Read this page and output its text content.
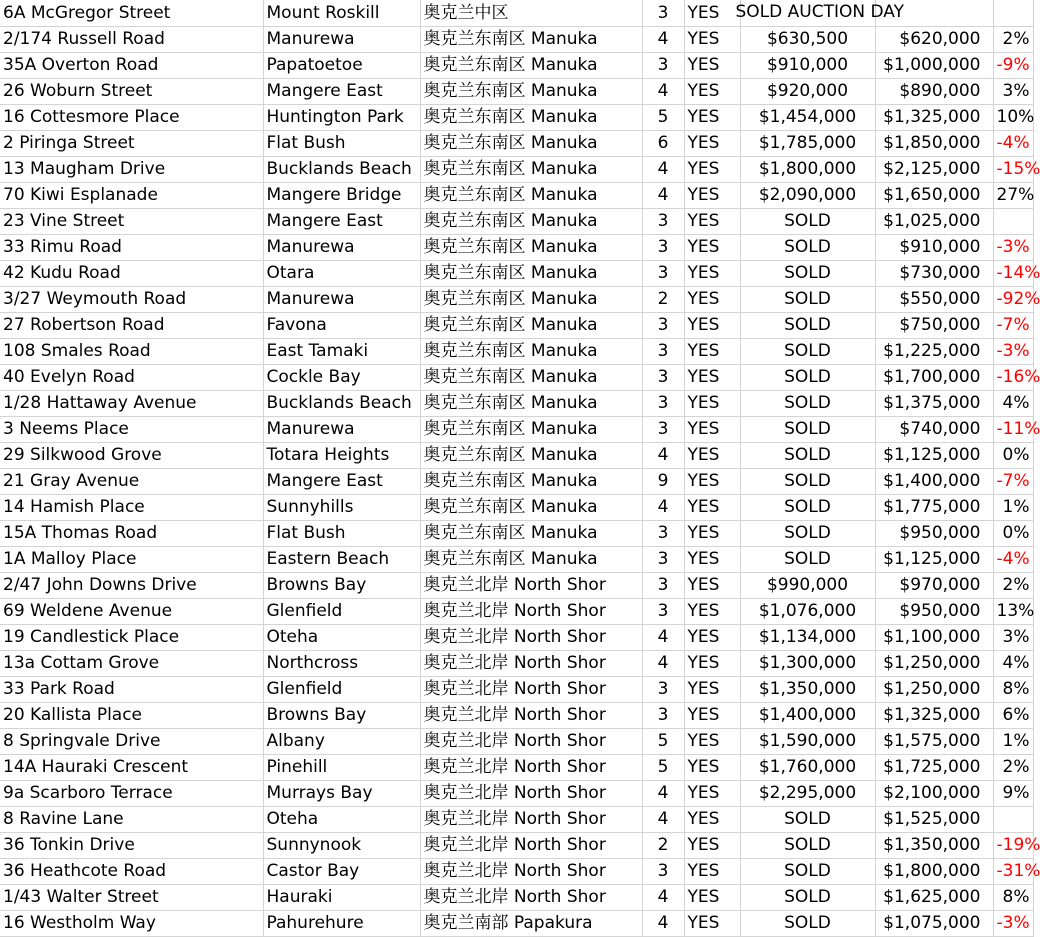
6A McGregor Street	Mount Roskill	奥克兰中区	3	YES	SOLD AUCTION DAY		

2/174 Russell Road	Manurewa	奥克兰东南区 Manuka	4	YES	$630,500	$620,000	2%
35A Overton Road	Papatoetoe	奥克兰东南区 Manuka	3	YES	$910,000	$1,000,000	-9%
26 Woburn Street	Mangere East	奥克兰东南区 Manuka	4	YES	$920,000	$890,000	3%
16 Cottesmore Place	Huntington Park	奥克兰东南区 Manuka	5	YES	$1,454,000	$1,325,000	10%
2 Piringa Street	Flat Bush	奥克兰东南区 Manuka	6	YES	$1,785,000	$1,850,000	-4%
13 Maugham Drive	Bucklands Beach	奥克兰东南区 Manuka	4	YES	$1,800,000	$2,125,000	-15%
70 Kiwi Esplanade	Mangere Bridge	奥克兰东南区 Manuka	4	YES	$2,090,000	$1,650,000	27%
23 Vine Street	Mangere East	奥克兰东南区 Manuka	3	YES	SOLD	$1,025,000	
33 Rimu Road	Manurewa	奥克兰东南区 Manuka	3	YES	SOLD	$910,000	-3%
42 Kudu Road	Otara	奥克兰东南区 Manuka	3	YES	SOLD	$730,000	-14%
3/27 Weymouth Road	Manurewa	奥克兰东南区 Manuka	2	YES	SOLD	$550,000	-92%
27 Robertson Road	Favona	奥克兰东南区 Manuka	3	YES	SOLD	$750,000	-7%
108 Smales Road	East Tamaki	奥克兰东南区 Manuka	3	YES	SOLD	$1,225,000	-3%
40 Evelyn Road	Cockle Bay	奥克兰东南区 Manuka	3	YES	SOLD	$1,700,000	-16%
1/28 Hattaway Avenue	Bucklands Beach	奥克兰东南区 Manuka	3	YES	SOLD	$1,375,000	4%
3 Neems Place	Manurewa	奥克兰东南区 Manuka	3	YES	SOLD	$740,000	-11%
29 Silkwood Grove	Totara Heights	奥克兰东南区 Manuka	4	YES	SOLD	$1,125,000	0%
21 Gray Avenue	Mangere East	奥克兰东南区 Manuka	9	YES	SOLD	$1,400,000	-7%
14 Hamish Place	Sunnyhills	奥克兰东南区 Manuka	4	YES	SOLD	$1,775,000	1%
15A Thomas Road	Flat Bush	奥克兰东南区 Manuka	3	YES	SOLD	$950,000	0%
1A Malloy Place	Eastern Beach	奥克兰东南区 Manuka	3	YES	SOLD	$1,125,000	-4%
2/47 John Downs Drive	Browns Bay	奥克兰北岸 North Shor	3	YES	$990,000	$970,000	2%
69 Weldene Avenue	Glenfield	奥克兰北岸 North Shor	3	YES	$1,076,000	$950,000	13%
19 Candlestick Place	Oteha	奥克兰北岸 North Shor	4	YES	$1,134,000	$1,100,000	3%
13a Cottam Grove	Northcross	奥克兰北岸 North Shor	4	YES	$1,300,000	$1,250,000	4%
33 Park Road	Glenfield	奥克兰北岸 North Shor	3	YES	$1,350,000	$1,250,000	8%
20 Kallista Place	Browns Bay	奥克兰北岸 North Shor	3	YES	$1,400,000	$1,325,000	6%
8 Springvale Drive	Albany	奥克兰北岸 North Shor	5	YES	$1,590,000	$1,575,000	1%
14A Hauraki Crescent	Pinehill	奥克兰北岸 North Shor	5	YES	$1,760,000	$1,725,000	2%
9a Scarboro Terrace	Murrays Bay	奥克兰北岸 North Shor	4	YES	$2,295,000	$2,100,000	9%
8 Ravine Lane	Oteha	奥克兰北岸 North Shor	4	YES	SOLD	$1,525,000	
36 Tonkin Drive	Sunnynook	奥克兰北岸 North Shor	2	YES	SOLD	$1,350,000	-19%
36 Heathcote Road	Castor Bay	奥克兰北岸 North Shor	3	YES	SOLD	$1,800,000	-31%
1/43 Walter Street	Hauraki	奥克兰北岸 North Shor	4	YES	SOLD	$1,625,000	8%
16 Westholm Way	Pahurehure	奥克兰南部 Papakura	4	YES	SOLD	$1,075,000	-3%
